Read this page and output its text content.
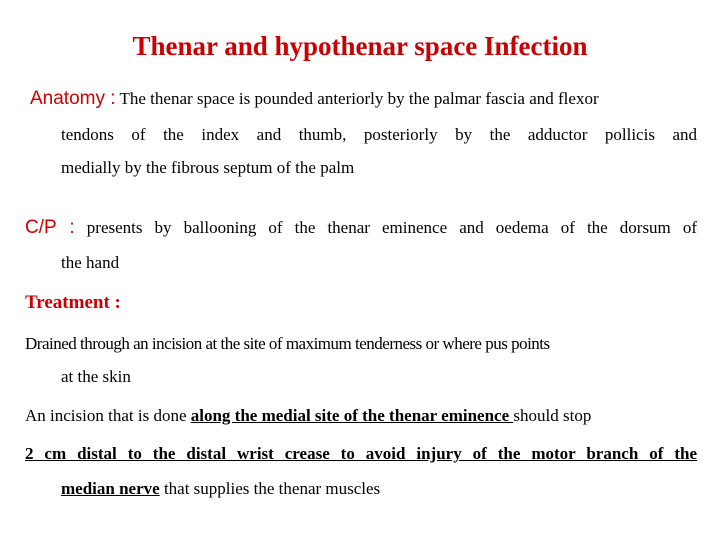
Thenar and hypothenar space Infection
Anatomy : The thenar space is pounded anteriorly by the palmar fascia and flexor
tendons of the index and thumb, posteriorly by the adductor pollicis and
medially by the fibrous septum of the palm
C/P : presents by ballooning of the thenar eminence and oedema of the dorsum of
the hand
Treatment :
Drained through an incision at the site of maximum tenderness or where pus points
at the skin
An incision that is done along the medial site of the thenar eminence should stop
2 cm distal to the distal wrist crease to avoid injury of the motor branch of the
median nerve that supplies the thenar muscles
